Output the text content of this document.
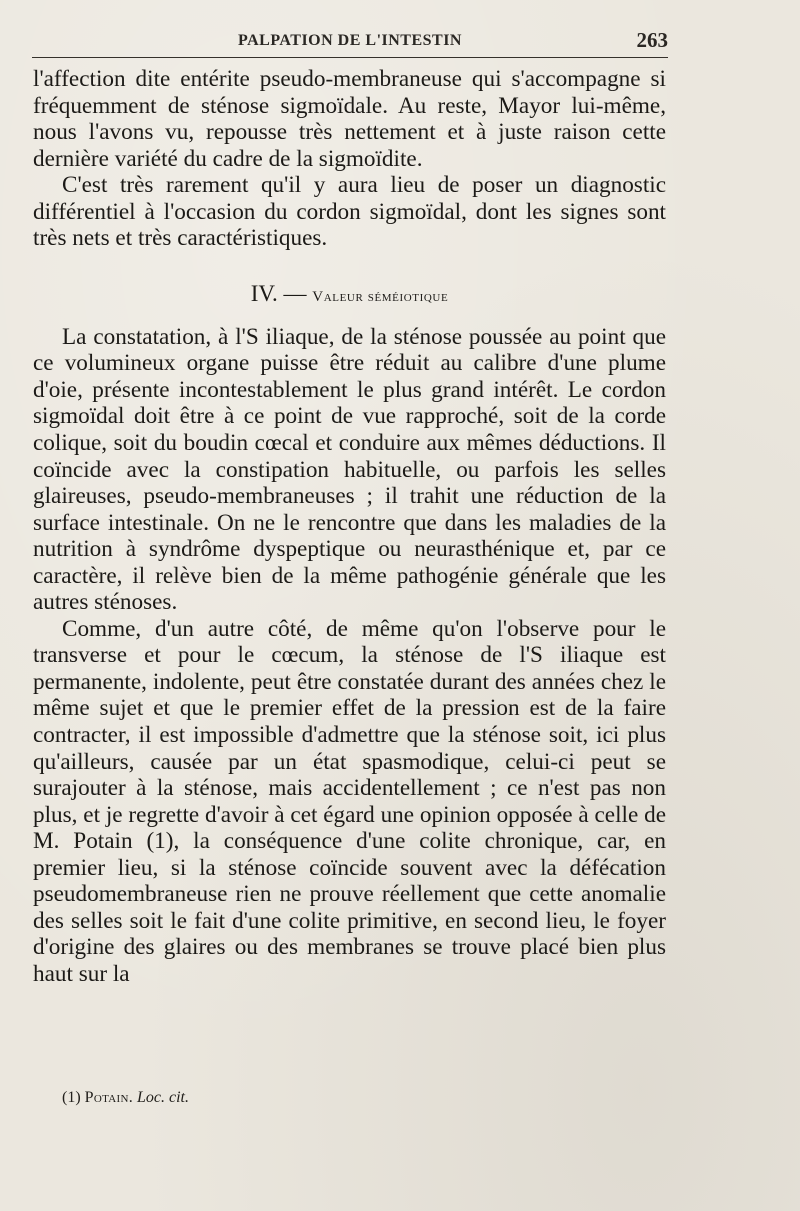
PALPATION DE L'INTESTIN	263

l'affection dite entérite pseudo-membraneuse qui s'accompagne si fréquemment de sténose sigmoïdale. Au reste, Mayor lui-même, nous l'avons vu, repousse très nettement et à juste raison cette dernière variété du cadre de la sigmoïdite.

C'est très rarement qu'il y aura lieu de poser un diagnostic différentiel à l'occasion du cordon sigmoïdal, dont les signes sont très nets et très caractéristiques.

IV. — Valeur séméiotique

La constatation, à l'S iliaque, de la sténose poussée au point que ce volumineux organe puisse être réduit au calibre d'une plume d'oie, présente incontestablement le plus grand intérêt. Le cordon sigmoïdal doit être à ce point de vue rapproché, soit de la corde colique, soit du boudin cœcal et conduire aux mêmes déductions. Il coïncide avec la constipation habituelle, ou parfois les selles glaireuses, pseudo-membraneuses ; il trahit une réduction de la surface intestinale. On ne le rencontre que dans les maladies de la nutrition à syndrôme dyspeptique ou neurasthénique et, par ce caractère, il relève bien de la même pathogénie générale que les autres sténoses.

Comme, d'un autre côté, de même qu'on l'observe pour le transverse et pour le cœcum, la sténose de l'S iliaque est permanente, indolente, peut être constatée durant des années chez le même sujet et que le premier effet de la pression est de la faire contracter, il est impossible d'admettre que la sténose soit, ici plus qu'ailleurs, causée par un état spasmodique, celui-ci peut se surajouter à la sténose, mais accidentellement ; ce n'est pas non plus, et je regrette d'avoir à cet égard une opinion opposée à celle de M. Potain (1), la conséquence d'une colite chronique, car, en premier lieu, si la sténose coïncide souvent avec la défécation pseudomembraneuse rien ne prouve réellement que cette anomalie des selles soit le fait d'une colite primitive, en second lieu, le foyer d'origine des glaires ou des membranes se trouve placé bien plus haut sur la

(1) Potain. Loc. cit.
